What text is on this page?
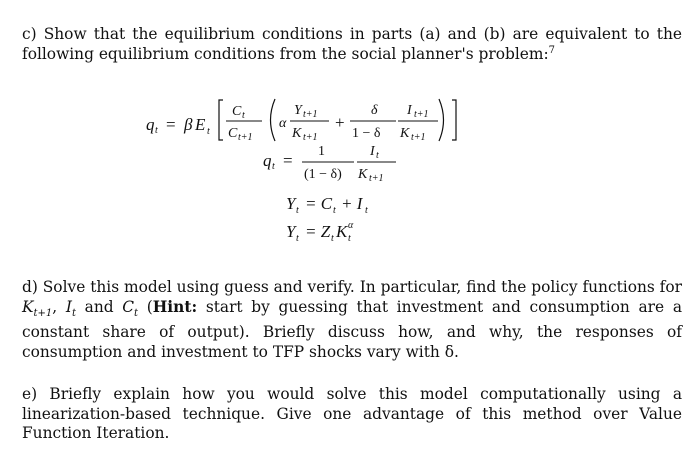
c) Show that the equilibrium conditions in parts (a) and (b) are equivalent to the following equilibrium conditions from the social planner's problem:$^7$

q t = β E t
C t
C t+1
α
Y t+1
K t+1
+
δ
1 − δ
I t+1
K t+1
q t = 1
(1 − δ)
I t
K t+1
Y t = C t + I t
Y t = Z t K t
α

d) Solve this model using guess and verify. In particular, find the policy functions for $K_{t+1}$, $I_t$ and $C_t$ (Hint: start by guessing that investment and consumption are a constant share of output). Briefly discuss how, and why, the responses of consumption and investment to TFP shocks vary with δ.

e) Briefly explain how you would solve this model computationally using a linearization-based technique. Give one advantage of this method over Value Function Iteration.
